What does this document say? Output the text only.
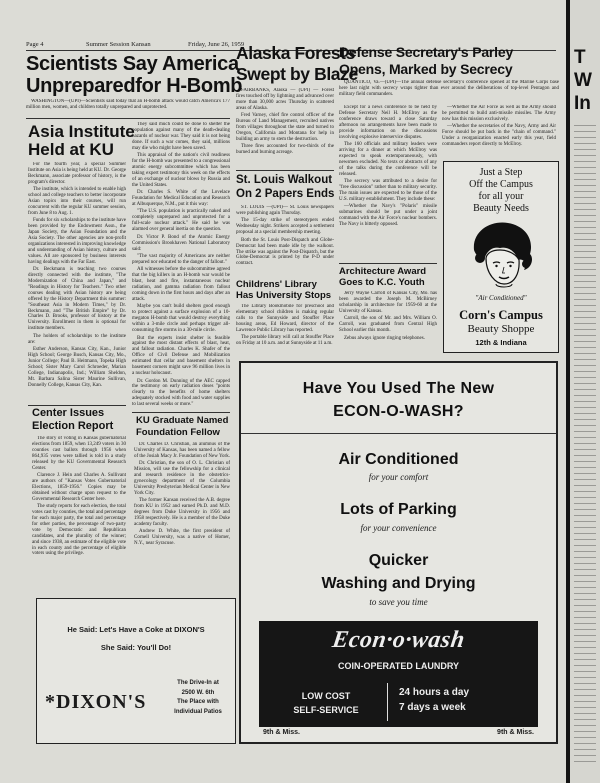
Page 4	Summer Session Kansan	Friday, June 26, 1959
Scientists Say America
Unpreparedfor H-Bomb

WASHINGTON—(UPI)—Scientists said today that an H-bomb attack would catch America's 177 million men, women, and children totally unprepared and unprotected.

Asia Institute
Held at KU

For the fourth year, a special Summer Institute on Asia is being held at KU. Dr. George Beckmann, associate professor of history, is the program's director.

The institute, which is intended to enable high school and college teachers to better incorporate Asian topics into their courses, will run concurrent with the regular KU summer session, from June 8 to Aug. 1.

Funds for six scholarships to the institute have been provided by the Endowment Assn., the Japan Society, the Asian Foundation and the Asia Society. The other agencies are non-profit organizations interested in improving knowledge and understanding of Asian history, culture and values. All are sponsored by business interests having dealings with the Far East.

Dr. Beckmann is teaching two courses directly connected with the institute, "The Modernization of China and Japan," and "Readings in History for Teachers." Two other courses dealing with Asian history are being offered by the History Department this summer: "Southeast Asia in Modern Times," by Dr. Beckmann, and "The British Empire" by Dr. Charles D. Brooks, professor of history at the University. Enrollment in them is optional for institute members.

The holders of scholarships to the institute are:

Esther Anderson, Kansas City, Kan., Junior High School; George Busch, Kansas City, Mo., Junior College; Paul B. Heitmann, Topeka High School; Sister Mary Carol Schroeder, Marian College, Indianapolis, Ind.; William Sheldon, Mt. Barbara Salina Sister Maurine Sullivan, Donnelly College, Kansas City, Kan.

Center Issues
Election Report

The story of voting in Kansas gubernatorial elections from 1859, when 13,249 voters in 30 counties cast ballots through 1956 when 864,935 votes were tallied is told in a study released by the KU Governmental Research Center.

Clarence J. Hein and Charles A. Sullivant are authors of "Kansas Votes Gubernatorial Elections, 1859-1956." Copies may be obtained without charge upon request to the Governmental Research Center here.

The study reports for each election, the total votes cast by counties, the total and percentage for each major party, the total and percentage for other parties, the percentage of two-party vote by Democratic and Republican candidates, and the plurality of the winner; and since 1938, an estimate of the eligible vote in each county and the percentage of eligible voters using the privilege.

They said much could be done to shelter the population against many of the death-dealing hazards of nuclear war. They said it is not being done. If such a war comes, they said, millions may die who might have been saved.

This appraisal of the nation's civil readiness for the H-bomb was presented to a congressional atomic energy subcommittee which has been taking expert testimony this week on the effects of an exchange of nuclear blows by Russia and the United States.

Dr. Charles S. White of the Lovelace Foundation for Medical Education and Research at Albuquerque, N.M., put it this way:

"The U.S. population is practically naked and completely unprepared and unprotected for a full-scale nuclear attack." He said he was alarmed over general inertia on the question.

Dr. Victor P. Bond of the Atomic Energy Commission's Brookhaven National Laboratory said:

"The vast majority of Americans are neither prepared nor educated to the danger of fallout."

All witnesses before the subcommittee agreed that the big killers in an H-bomb war would be blast, heat and fire, instantaneous nuclear radiation, and gamma radiation from fallout coming down in the first hours and days after an attack.

Maybe you can't build shelters good enough to protect against a surface explosion of a 10-megaton H-bomb that would destroy everything within a 3-mile circle and perhaps trigger all-consuming fire storms in a 30-mile circle.

But the experts insist shelter is feasible against the most distant effects of blast, heat, and fallout radiation. Charles K. Shafer of the Office of Civil Defense and Mobilization estimated that cellar and basement shelters in basement corners might save 96 million lives in a nuclear holocaust.

Dr. Gordon M. Dunning of the AEC capped the testimony on early radiation doses "points clearly to the benefits of home shelters adequately stocked with food and water supplies to last several weeks or more."

KU Graduate Named
Foundation Fellow

Dr. Charles D. Christian, an alumnus of the University of Kansas, has been named a fellow of the Josiah Macy Jr. Foundation of New York.

Dr. Christian, the son of O. L. Christian of Mission, will use the fellowship for a clinical and research residence in the obstetrics-gynecology department of the Columbia University Presbyterian Medical Center in New York City.

The former Kansan received the A.B. degree from KU in 1952 and earned Ph.D. and M.D. degrees from Duke University in 1956 and 1958 respectively. He is a member of the Duke academy faculty.

Andrew D. White, the first president of Cornell University, was a native of Homer, N.Y., near Syracuse.

Alaska Forests
Swept by Blaze

FAIRBANKS, Alaska — (UPI) — Forest fires touched off by lightning and advanced over more than 30,000 acres Thursday in scattered areas of Alaska.

Fred Varney, chief fire control officer of the Bureau of Land Management, recruited natives from villages throughout the state and turned to Oregon, California and Montana for help in building an army to stem the destruction.

Three fires accounted for two-thirds of the burned and burning acreage.

St. Louis Walkout
On 2 Papers Ends

ST. LOUIS —(UPI)— St. Louis newspapers were publishing again Thursday.

The 15-day strike of stereotypers ended Wednesday night. Strikers accepted a settlement proposal at a special membership meeting.

Both the St. Louis Post-Dispatch and Globe-Democrat had been made idle by the walkout. The strike was against the Post-Dispatch, but the Globe-Democrat is printed by the P-D under contract.

Childrens' Library
Has University Stops

The Library Bookmobile for preschool and elementary school children is making regular calls to the Sunnyside and Stouffer Place housing areas, Ed Howard, director of the Lawrence Public Library has reported.

The portable library will call at Stouffer Place on Friday at 10 a.m. and at Sunnyside at 11 a.m.

Defense Secretary's Parley
Opens, Marked by Secrecy

QUANTICO, Va.—(UPI)—The annual defense secretary's conference opened at the Marine Corps base here last night with secrecy wraps tighter than ever around the deliberations of top-level Pentagon and military field commanders.

Except for a news conference to be held by Defense Secretary Neil H. McElroy as the conference draws toward a close Saturday afternoon no arrangements have been made to provide information on the discussions involving explosive interservice disputes.

The 160 officials and military leaders were arriving for a dinner at which McElroy was expected to speak extemporaneously, with newsmen excluded. No texts or abstracts of any of the talks during the conference will be released.

The secrecy was attributed to a desire for "free discussion" rather than to military security. The main issues are expected to be those of the U.S. military establishment. They include these:

—Whether the Navy's "Polaris" missile submarines should be put under a joint command with the Air Force's nuclear bombers. The Navy is bitterly opposed.

—Whether the Air Force as well as the Army should be permitted to build anti-missile missiles. The Army now has this mission exclusively.

—Whether the secretaries of the Navy, Army and Air Force should be put back in the "chain of command." Under a reorganization enacted early this year, field commanders report directly to McElroy.

Architecture Award
Goes to K.C. Youth

Jerry Wayne Carroll of Kansas City, Mo. has been awarded the Joseph M. McBirney scholarship in architecture for 1959-60 at the University of Kansas.

Carroll, the son of Mr. and Mrs. William O. Carroll, was graduated from Central High School earlier this month.

Zebus always ignore ringing telephones.

Just a Step
Off the Campus
for all your
Beauty Needs
"Air Conditioned"
Corn's Campus
Beauty Shoppe
12th & Indiana
He Said: Let's Have a Coke at DIXON'S
She Said: You'll Do!
*DIXON'S
The Drive-In at
2500 W. 6th
The Place with
Individual Patios
Have You Used The New
ECON-O-WASH?
Air Conditioned
for your comfort
Lots of Parking
for your convenience
Quicker
Washing and Drying
to save you time
Econ·o·wash
COIN-OPERATED LAUNDRY
LOW COST
SELF-SERVICE
24 hours a day
7 days a week
9th & Miss.	9th & Miss.
T
W
In
